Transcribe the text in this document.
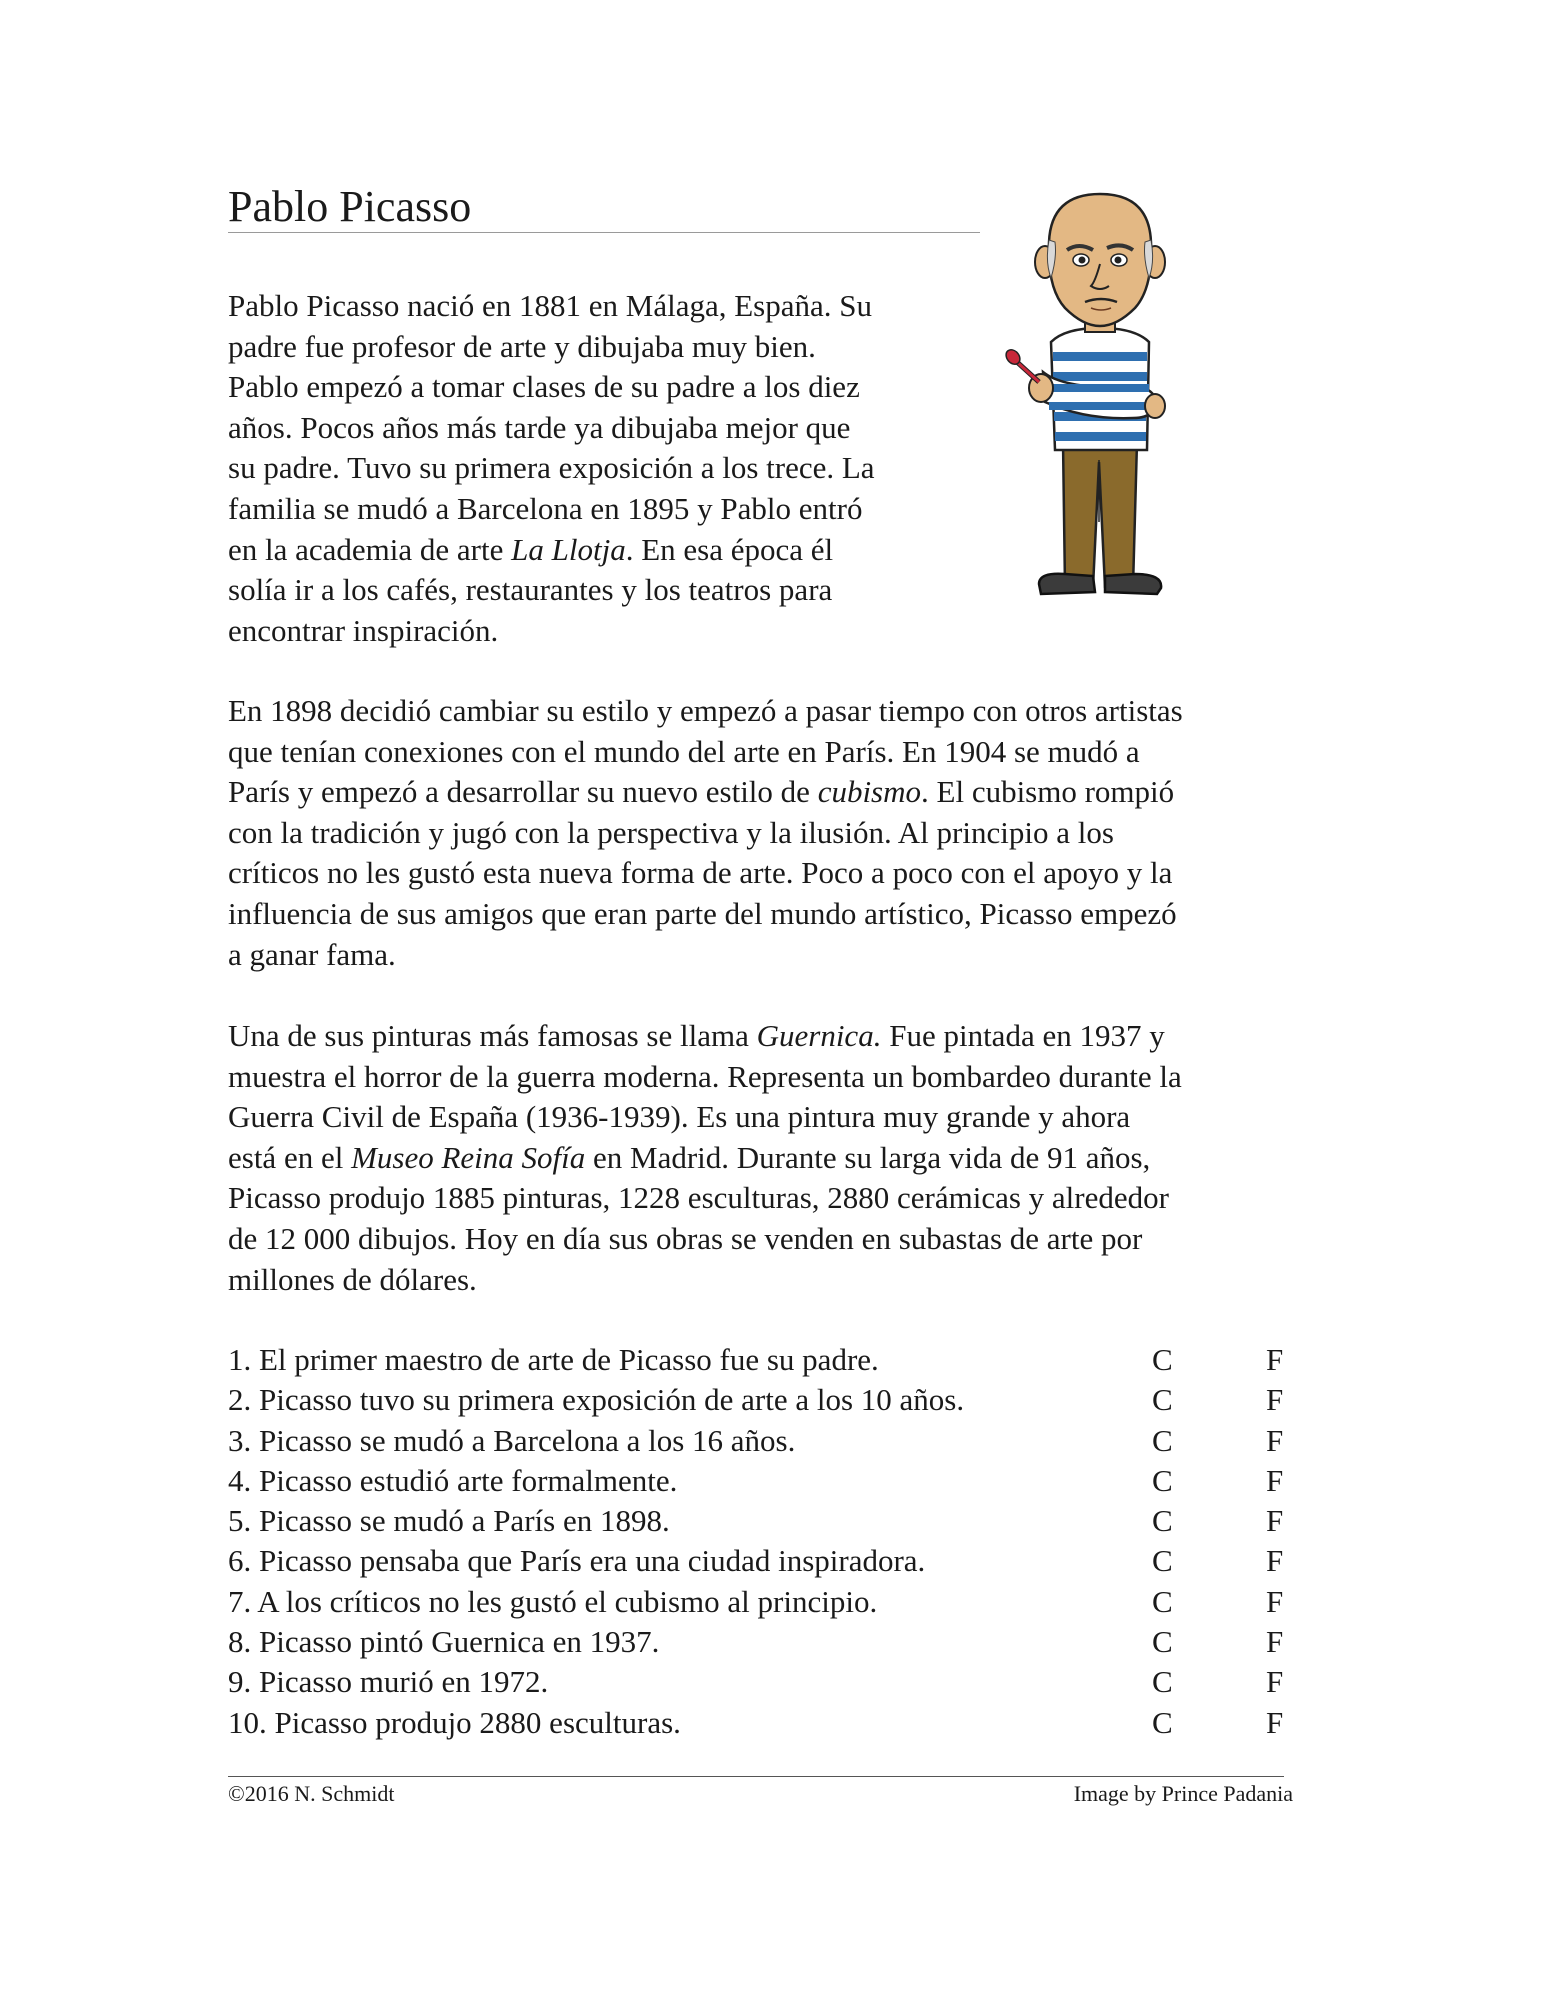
Pablo Picasso
Pablo Picasso nació en 1881 en Málaga, España. Su
padre fue profesor de arte y dibujaba muy bien.
Pablo empezó a tomar clases de su padre a los diez
años. Pocos años más tarde ya dibujaba mejor que
su padre. Tuvo su primera exposición a los trece. La
familia se mudó a Barcelona en 1895 y Pablo entró
en la academia de arte La Llotja. En esa época él
solía ir a los cafés, restaurantes y los teatros para
encontrar inspiración.
En 1898 decidió cambiar su estilo y empezó a pasar tiempo con otros artistas
que tenían conexiones con el mundo del arte en París. En 1904 se mudó a
París y empezó a desarrollar su nuevo estilo de cubismo. El cubismo rompió
con la tradición y jugó con la perspectiva y la ilusión. Al principio a los
críticos no les gustó esta nueva forma de arte. Poco a poco con el apoyo y la
influencia de sus amigos que eran parte del mundo artístico, Picasso empezó
a ganar fama.
Una de sus pinturas más famosas se llama Guernica. Fue pintada en 1937 y
muestra el horror de la guerra moderna. Representa un bombardeo durante la
Guerra Civil de España (1936-1939). Es una pintura muy grande y ahora
está en el Museo Reina Sofía en Madrid. Durante su larga vida de 91 años,
Picasso produjo 1885 pinturas, 1228 esculturas, 2880 cerámicas y alrededor
de 12 000 dibujos. Hoy en día sus obras se venden en subastas de arte por
millones de dólares.
1. El primer maestro de arte de Picasso fue su padre.	C	F
2. Picasso tuvo su primera exposición de arte a los 10 años.	C	F
3. Picasso se mudó a Barcelona a los 16 años.	C	F
4. Picasso estudió arte formalmente.	C	F
5. Picasso se mudó a París en 1898.	C	F
6. Picasso pensaba que París era una ciudad inspiradora.	C	F
7. A los críticos no les gustó el cubismo al principio.	C	F
8. Picasso pintó Guernica en 1937.	C	F
9. Picasso murió en 1972.	C	F
10. Picasso produjo 2880 esculturas.	C	F
©2016 N. Schmidt	Image by Prince Padania
